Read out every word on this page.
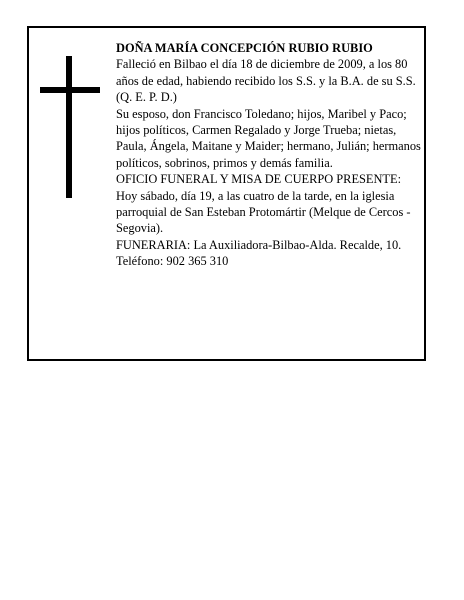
DOÑA MARÍA CONCEPCIÓN RUBIO RUBIO

Falleció en Bilbao el día 18 de diciembre de 2009, a los 80 años de edad, habiendo recibido los S.S. y la B.A. de su S.S.

(Q. E. P. D.)

Su esposo, don Francisco Toledano; hijos, Maribel y Paco; hijos políticos, Carmen Regalado y Jorge Trueba; nietas, Paula, Ángela, Maitane y Maider; hermano, Julián; hermanos políticos, sobrinos, primos y demás familia.

OFICIO FUNERAL Y MISA DE CUERPO PRESENTE: Hoy sábado, día 19, a las cuatro de la tarde, en la iglesia parroquial de San Esteban Protomártir (Melque de Cercos - Segovia).

FUNERARIA: La Auxiliadora-Bilbao-Alda. Recalde, 10. Teléfono: 902 365 310
